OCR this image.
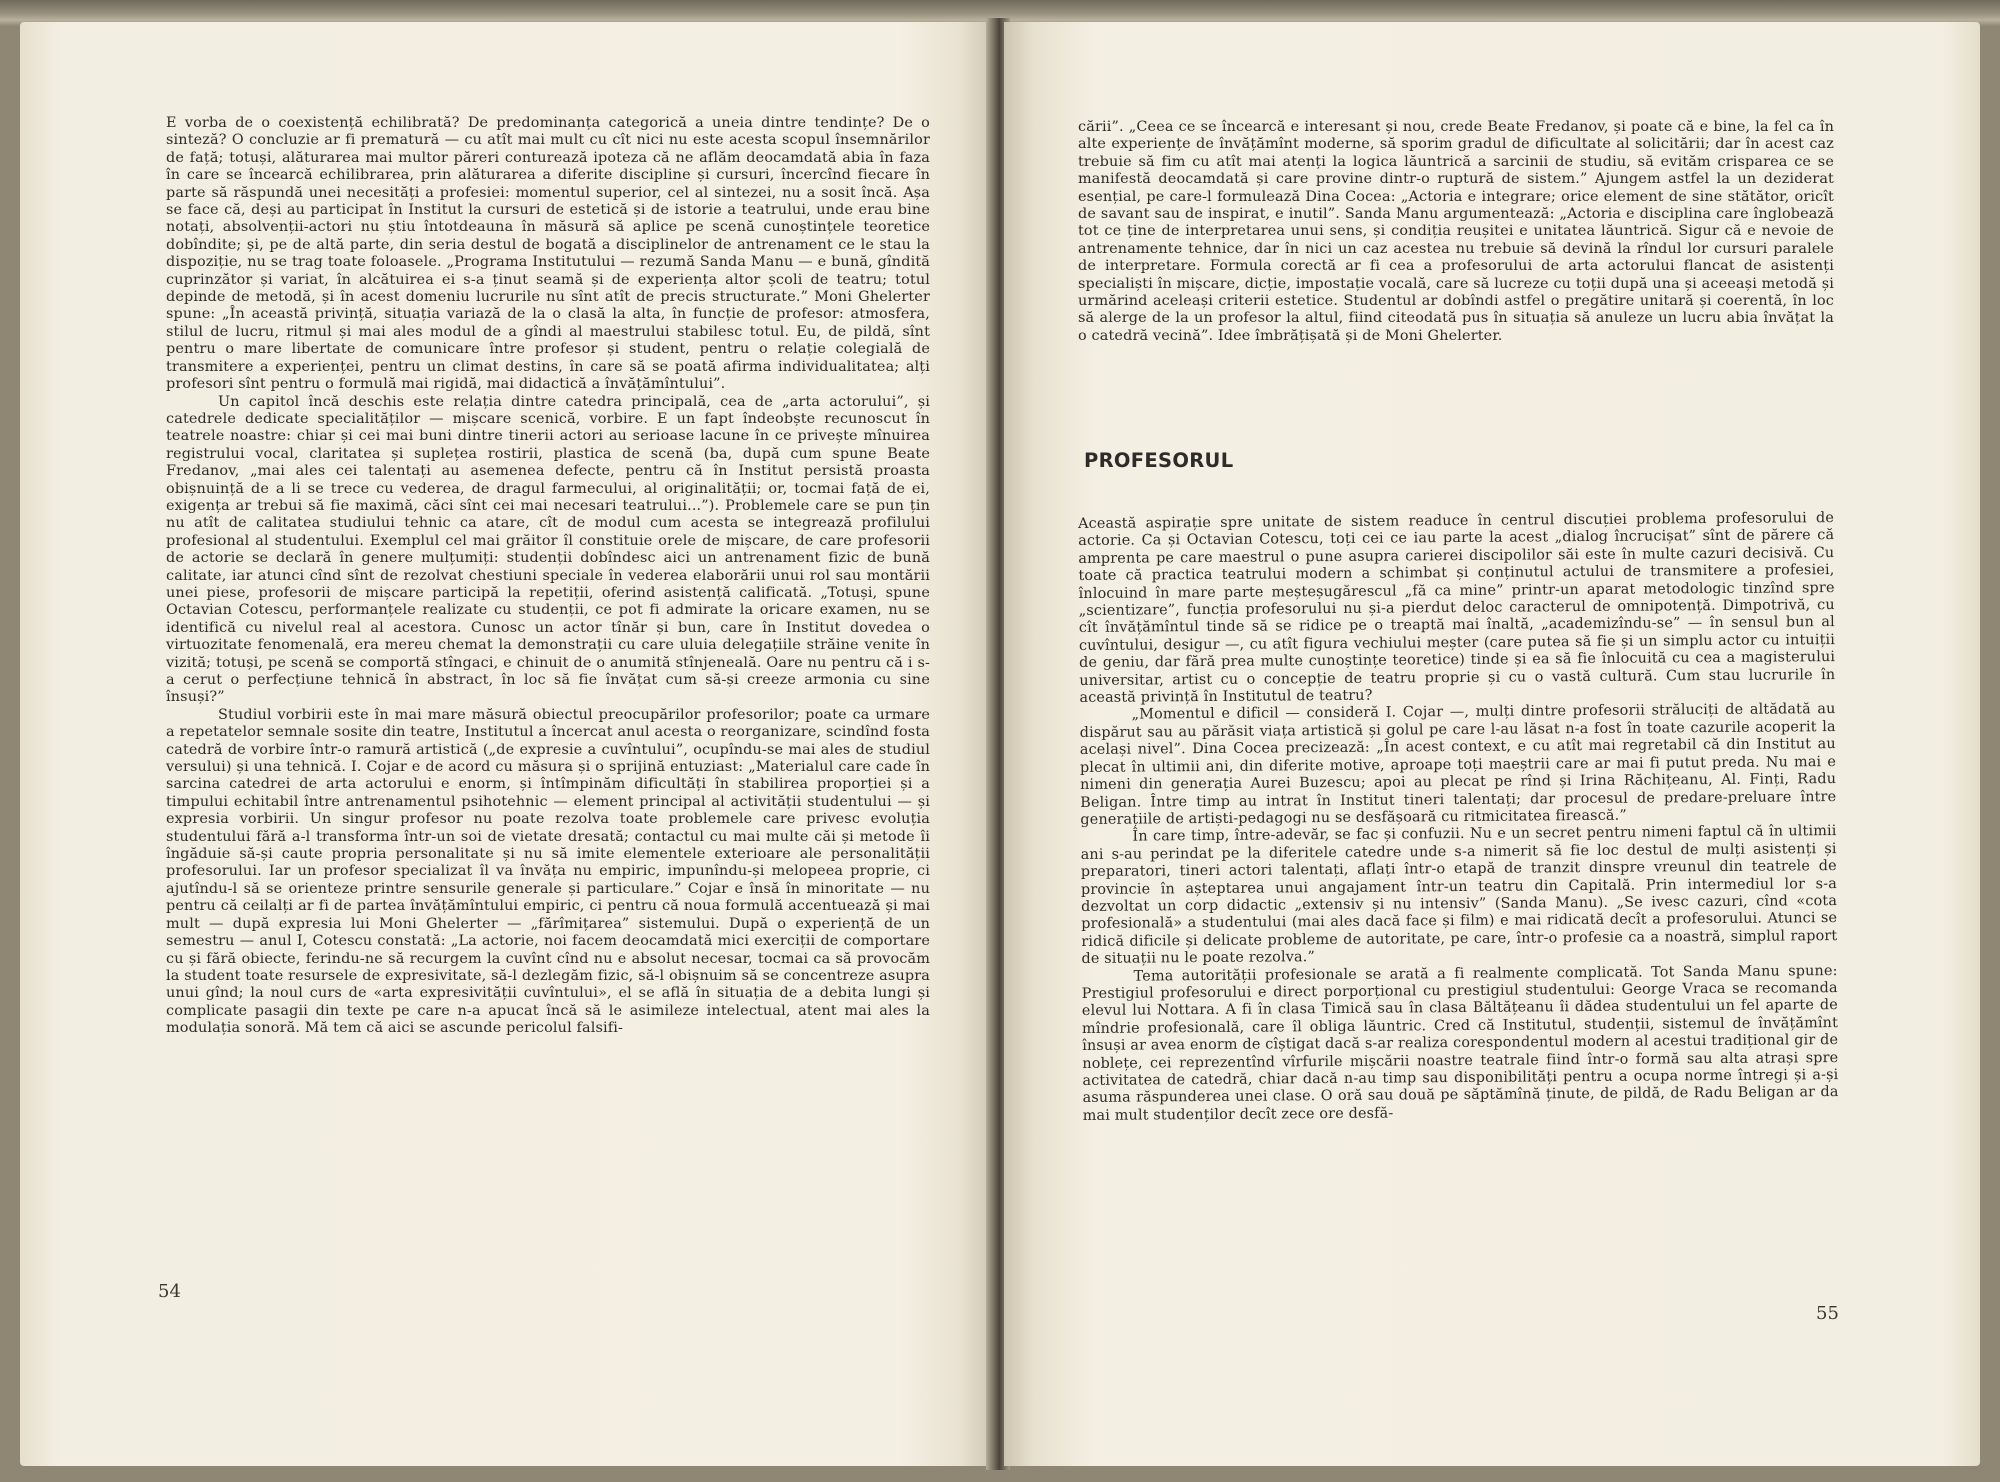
E vorba de o coexistență echilibrată? De predominanța categorică a uneia dintre tendințe? De o sinteză? O concluzie ar fi prematură — cu atît mai mult cu cît nici nu este acesta scopul însemnărilor de față; totuși, alăturarea mai multor păreri conturează ipoteza că ne aflăm deocamdată abia în faza în care se încearcă echilibrarea, prin alăturarea a diferite discipline și cursuri, încercînd fiecare în parte să răspundă unei necesități a profesiei: momentul superior, cel al sintezei, nu a sosit încă. Așa se face că, deși au participat în Institut la cursuri de estetică și de istorie a teatrului, unde erau bine notați, absolvenții-actori nu știu întotdeauna în măsură să aplice pe scenă cunoștințele teoretice dobîndite; și, pe de altă parte, din seria destul de bogată a disciplinelor de antrenament ce le stau la dispoziție, nu se trag toate foloasele. „Programa Institutului — rezumă Sanda Manu — e bună, gîndită cuprinzător și variat, în alcătuirea ei s-a ținut seamă și de experiența altor școli de teatru; totul depinde de metodă, și în acest domeniu lucrurile nu sînt atît de precis structurate.” Moni Ghelerter spune: „În această privință, situația variază de la o clasă la alta, în funcție de profesor: atmosfera, stilul de lucru, ritmul și mai ales modul de a gîndi al maestrului stabilesc totul. Eu, de pildă, sînt pentru o mare libertate de comunicare între profesor și student, pentru o relație colegială de transmitere a experienței, pentru un climat destins, în care să se poată afirma individualitatea; alți profesori sînt pentru o formulă mai rigidă, mai didactică a învățămîntului”.

Un capitol încă deschis este relația dintre catedra principală, cea de „arta actorului”, și catedrele dedicate specialităților — mișcare scenică, vorbire. E un fapt îndeobște recunoscut în teatrele noastre: chiar și cei mai buni dintre tinerii actori au serioase lacune în ce privește mînuirea registrului vocal, claritatea și suplețea rostirii, plastica de scenă (ba, după cum spune Beate Fredanov, „mai ales cei talentați au asemenea defecte, pentru că în Institut persistă proasta obișnuință de a li se trece cu vederea, de dragul farmecului, al originalității; or, tocmai față de ei, exigența ar trebui să fie maximă, căci sînt cei mai necesari teatrului...”). Problemele care se pun țin nu atît de calitatea studiului tehnic ca atare, cît de modul cum acesta se integrează profilului profesional al studentului. Exemplul cel mai grăitor îl constituie orele de mișcare, de care profesorii de actorie se declară în genere mulțumiți: studenții dobîndesc aici un antrenament fizic de bună calitate, iar atunci cînd sînt de rezolvat chestiuni speciale în vederea elaborării unui rol sau montării unei piese, profesorii de mișcare participă la repetiții, oferind asistență calificată. „Totuși, spune Octavian Cotescu, performanțele realizate cu studenții, ce pot fi admirate la oricare examen, nu se identifică cu nivelul real al acestora. Cunosc un actor tînăr și bun, care în Institut dovedea o virtuozitate fenomenală, era mereu chemat la demonstrații cu care uluia delegațiile străine venite în vizită; totuși, pe scenă se comportă stîngaci, e chinuit de o anumită stînjeneală. Oare nu pentru că i s-a cerut o perfecțiune tehnică în abstract, în loc să fie învățat cum să-și creeze armonia cu sine însuși?”

Studiul vorbirii este în mai mare măsură obiectul preocupărilor profesorilor; poate ca urmare a repetatelor semnale sosite din teatre, Institutul a încercat anul acesta o reorganizare, scindînd fosta catedră de vorbire într-o ramură artistică („de expresie a cuvîntului”, ocupîndu-se mai ales de studiul versului) și una tehnică. I. Cojar e de acord cu măsura și o sprijină entuziast: „Materialul care cade în sarcina catedrei de arta actorului e enorm, și întîmpinăm dificultăți în stabilirea proporției și a timpului echitabil între antrenamentul psihotehnic — element principal al activității studentului — și expresia vorbirii. Un singur profesor nu poate rezolva toate problemele care privesc evoluția studentului fără a-l transforma într-un soi de vietate dresată; contactul cu mai multe căi și metode îi îngăduie să-și caute propria personalitate și nu să imite elementele exterioare ale personalității profesorului. Iar un profesor specializat îl va învăța nu empiric, impunîndu-și melopeea proprie, ci ajutîndu-l să se orienteze printre sensurile generale și particulare.” Cojar e însă în minoritate — nu pentru că ceilalți ar fi de partea învățămîntului empiric, ci pentru că noua formulă accentuează și mai mult — după expresia lui Moni Ghelerter — „fărîmițarea” sistemului. După o experiență de un semestru — anul I, Cotescu constată: „La actorie, noi facem deocamdată mici exerciții de comportare cu și fără obiecte, ferindu-ne să recurgem la cuvînt cînd nu e absolut necesar, tocmai ca să provocăm la student toate resursele de expresivitate, să-l dezlegăm fizic, să-l obișnuim să se concentreze asupra unui gînd; la noul curs de «arta expresivității cuvîntului», el se află în situația de a debita lungi și complicate pasagii din texte pe care n-a apucat încă să le asimileze intelectual, atent mai ales la modulația sonoră. Mă tem că aici se ascunde pericolul falsifi-

54

cării”. „Ceea ce se încearcă e interesant și nou, crede Beate Fredanov, și poate că e bine, la fel ca în alte experiențe de învățămînt moderne, să sporim gradul de dificultate al solicitării; dar în acest caz trebuie să fim cu atît mai atenți la logica lăuntrică a sarcinii de studiu, să evităm crisparea ce se manifestă deocamdată și care provine dintr-o ruptură de sistem.” Ajungem astfel la un deziderat esențial, pe care-l formulează Dina Cocea: „Actoria e integrare; orice element de sine stătător, oricît de savant sau de inspirat, e inutil”. Sanda Manu argumentează: „Actoria e disciplina care înglobează tot ce ține de interpretarea unui sens, și condiția reușitei e unitatea lăuntrică. Sigur că e nevoie de antrenamente tehnice, dar în nici un caz acestea nu trebuie să devină la rîndul lor cursuri paralele de interpretare. Formula corectă ar fi cea a profesorului de arta actorului flancat de asistenți specialiști în mișcare, dicție, impostație vocală, care să lucreze cu toții după una și aceeași metodă și urmărind aceleași criterii estetice. Studentul ar dobîndi astfel o pregătire unitară și coerentă, în loc să alerge de la un profesor la altul, fiind citeodată pus în situația să anuleze un lucru abia învățat la o catedră vecină”. Idee îmbrățișată și de Moni Ghelerter.

PROFESORUL

Această aspirație spre unitate de sistem readuce în centrul discuției problema profesorului de actorie. Ca și Octavian Cotescu, toți cei ce iau parte la acest „dialog încrucișat” sînt de părere că amprenta pe care maestrul o pune asupra carierei discipolilor săi este în multe cazuri decisivă. Cu toate că practica teatrului modern a schimbat și conținutul actului de transmitere a profesiei, înlocuind în mare parte meșteșugărescul „fă ca mine” printr-un aparat metodologic tinzînd spre „scientizare”, funcția profesorului nu și-a pierdut deloc caracterul de omnipotență. Dimpotrivă, cu cît învățămîntul tinde să se ridice pe o treaptă mai înaltă, „academizîndu-se” — în sensul bun al cuvîntului, desigur —, cu atît figura vechiului meșter (care putea să fie și un simplu actor cu intuiții de geniu, dar fără prea multe cunoștințe teoretice) tinde și ea să fie înlocuită cu cea a magisterului universitar, artist cu o concepție de teatru proprie și cu o vastă cultură. Cum stau lucrurile în această privință în Institutul de teatru?

„Momentul e dificil — consideră I. Cojar —, mulți dintre profesorii străluciți de altădată au dispărut sau au părăsit viața artistică și golul pe care l-au lăsat n-a fost în toate cazurile acoperit la același nivel”. Dina Cocea precizează: „În acest context, e cu atît mai regretabil că din Institut au plecat în ultimii ani, din diferite motive, aproape toți maeștrii care ar mai fi putut preda. Nu mai e nimeni din generația Aurei Buzescu; apoi au plecat pe rînd și Irina Răchițeanu, Al. Finți, Radu Beligan. Între timp au intrat în Institut tineri talentați; dar procesul de predare-preluare între generațiile de artiști-pedagogi nu se desfășoară cu ritmicitatea firească.”

În care timp, între-adevăr, se fac și confuzii. Nu e un secret pentru nimeni faptul că în ultimii ani s-au perindat pe la diferitele catedre unde s-a nimerit să fie loc destul de mulți asistenți și preparatori, tineri actori talentați, aflați într-o etapă de tranzit dinspre vreunul din teatrele de provincie în așteptarea unui angajament într-un teatru din Capitală. Prin intermediul lor s-a dezvoltat un corp didactic „extensiv și nu intensiv” (Sanda Manu). „Se ivesc cazuri, cînd «cota profesională» a studentului (mai ales dacă face și film) e mai ridicată decît a profesorului. Atunci se ridică dificile și delicate probleme de autoritate, pe care, într-o profesie ca a noastră, simplul raport de situații nu le poate rezolva.”

Tema autorității profesionale se arată a fi realmente complicată. Tot Sanda Manu spune: Prestigiul profesorului e direct porporțional cu prestigiul studentului: George Vraca se recomanda elevul lui Nottara. A fi în clasa Timică sau în clasa Băltățeanu îi dădea studentului un fel aparte de mîndrie profesională, care îl obliga lăuntric. Cred că Institutul, studenții, sistemul de învățămînt însuși ar avea enorm de cîștigat dacă s-ar realiza corespondentul modern al acestui tradițional gir de noblețe, cei reprezentînd vîrfurile mișcării noastre teatrale fiind într-o formă sau alta atrași spre activitatea de catedră, chiar dacă n-au timp sau disponibilități pentru a ocupa norme întregi și a-și asuma răspunderea unei clase. O oră sau două pe săptămînă ținute, de pildă, de Radu Beligan ar da mai mult studenților decît zece ore desfă-

55
